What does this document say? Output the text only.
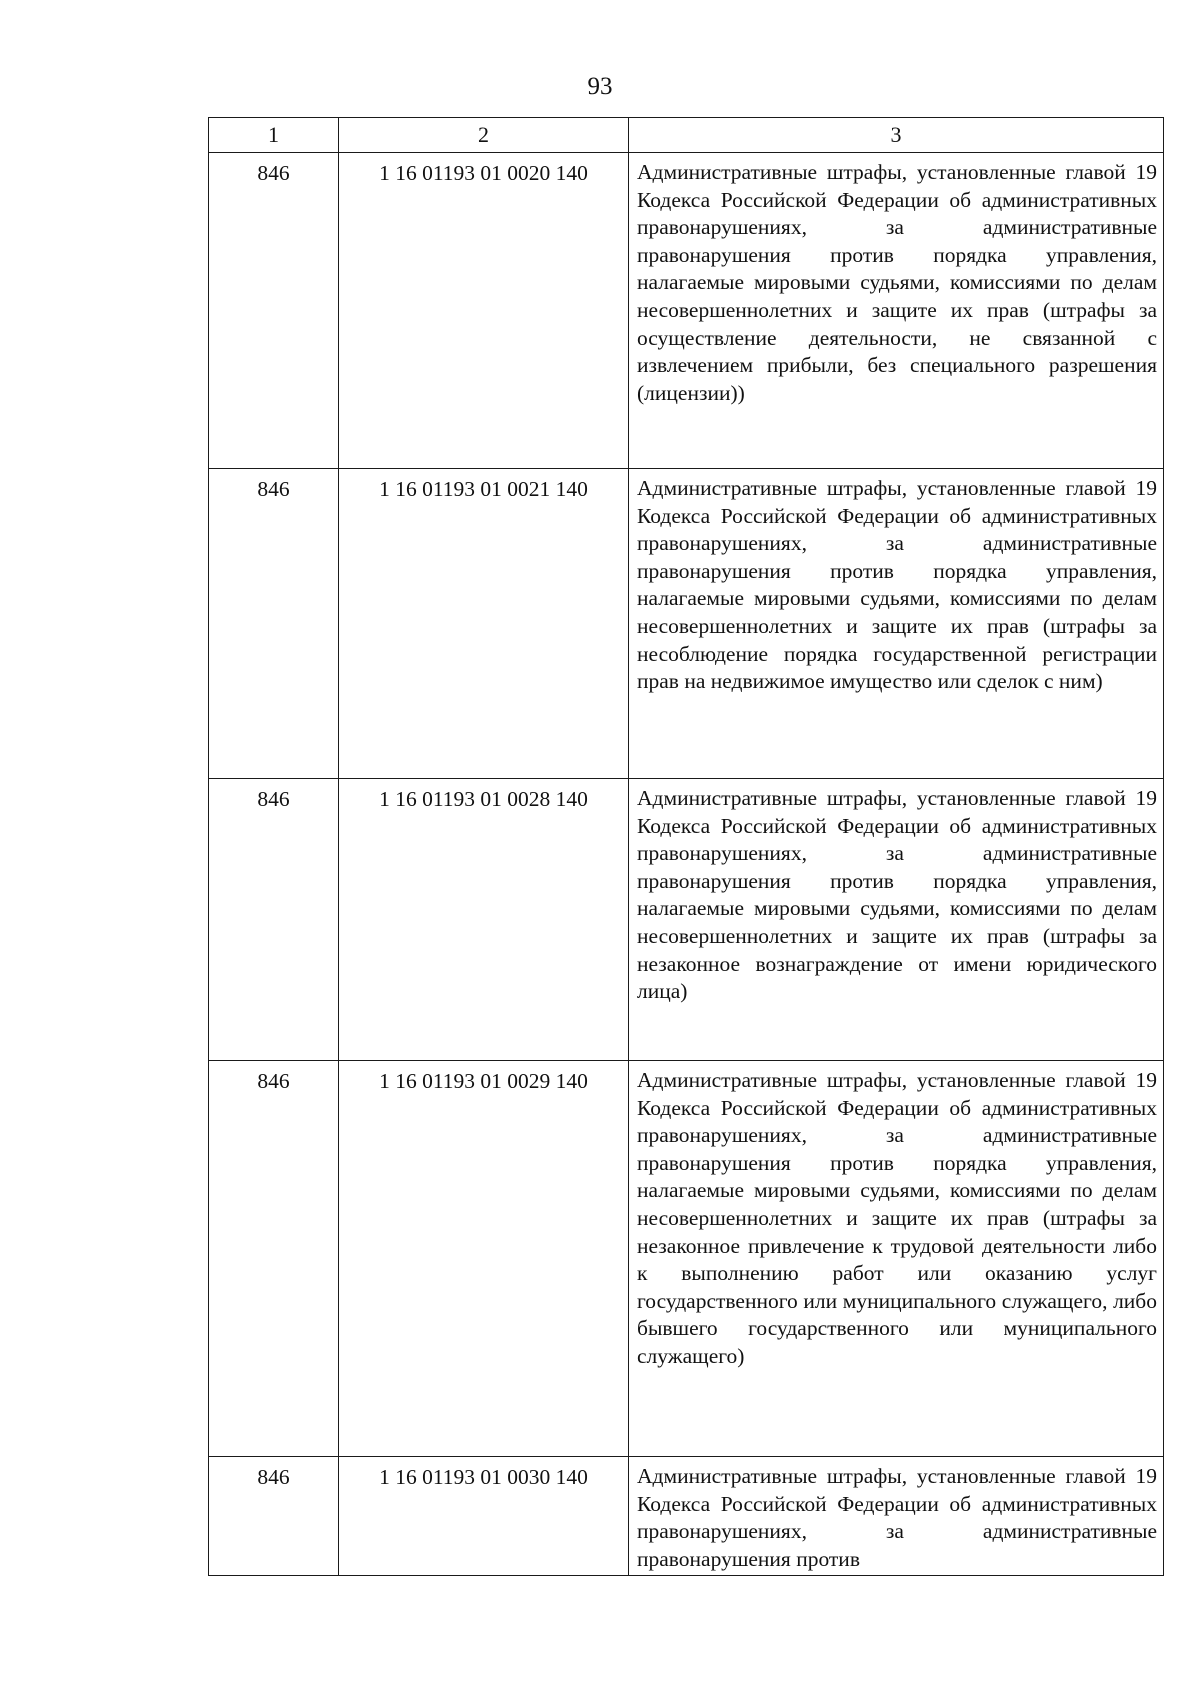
93
1	2	3
846	1 16 01193 01 0020 140	Административные штрафы, установленные главой 19 Кодекса Российской Федерации об административных правонарушениях, за административные правонарушения против порядка управления, налагаемые мировыми судьями, комиссиями по делам несовершеннолетних и защите их прав (штрафы за осуществление деятельности, не связанной с извлечением прибыли, без специального разрешения (лицензии))
846	1 16 01193 01 0021 140	Административные штрафы, установленные главой 19 Кодекса Российской Федерации об административных правонарушениях, за административные правонарушения против порядка управления, налагаемые мировыми судьями, комиссиями по делам несовершеннолетних и защите их прав (штрафы за несоблюдение порядка государственной регистрации прав на недвижимое имущество или сделок с ним)
846	1 16 01193 01 0028 140	Административные штрафы, установленные главой 19 Кодекса Российской Федерации об административных правонарушениях, за административные правонарушения против порядка управления, налагаемые мировыми судьями, комиссиями по делам несовершеннолетних и защите их прав (штрафы за незаконное вознаграждение от имени юридического лица)
846	1 16 01193 01 0029 140	Административные штрафы, установленные главой 19 Кодекса Российской Федерации об административных правонарушениях, за административные правонарушения против порядка управления, налагаемые мировыми судьями, комиссиями по делам несовершеннолетних и защите их прав (штрафы за незаконное привлечение к трудовой деятельности либо к выполнению работ или оказанию услуг государственного или муниципального служащего, либо бывшего государственного или муниципального служащего)
846	1 16 01193 01 0030 140	Административные штрафы, установленные главой 19 Кодекса Российской Федерации об административных правонарушениях, за административные правонарушения против
